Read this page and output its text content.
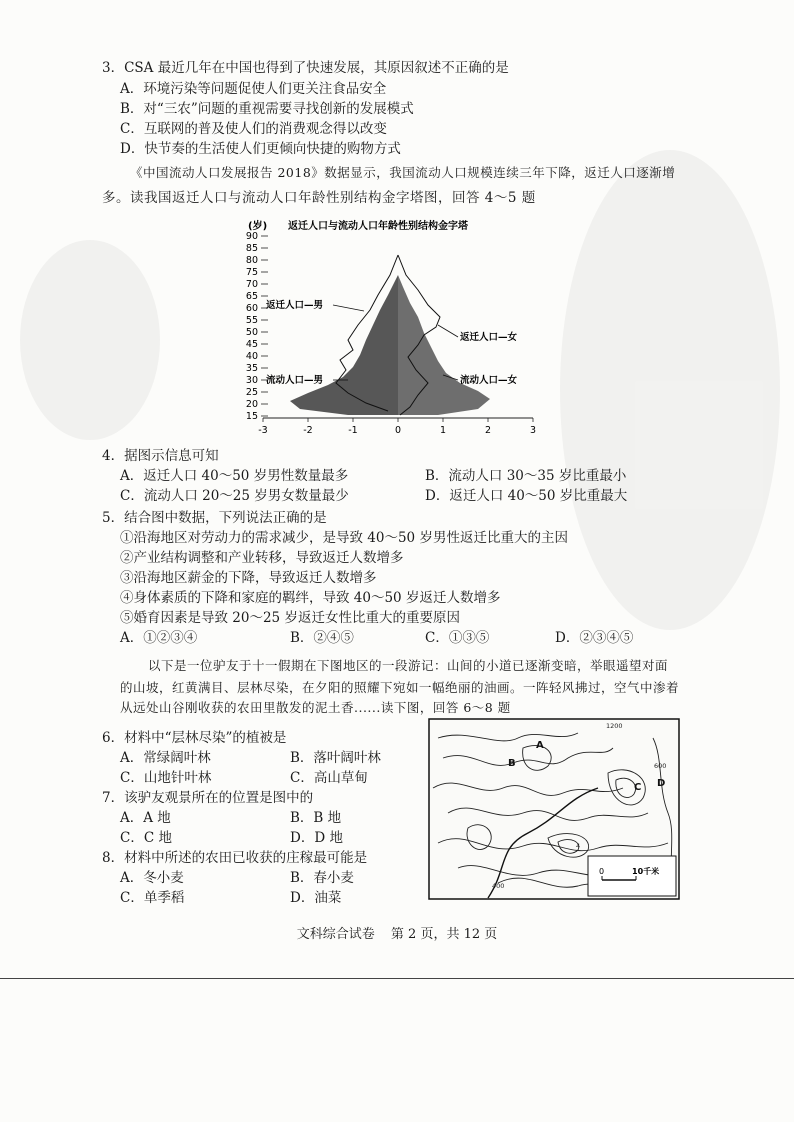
3．CSA 最近几年在中国也得到了快速发展，其原因叙述不正确的是
A．环境污染等问题促使人们更关注食品安全
B．对“三农”问题的重视需要寻找创新的发展模式
C．互联网的普及使人们的消费观念得以改变
D．快节奏的生活使人们更倾向快捷的购物方式
《中国流动人口发展报告 2018》数据显示，我国流动人口规模连续三年下降，返迁人口逐渐增
多。读我国返迁人口与流动人口年龄性别结构金字塔图，回答 4～5 题
(岁) 返迁人口与流动人口年龄性别结构金字塔
90
85
80
75
70
65
60
55
50
45
40
35
30
25
20
15
返迁人口—男
返迁人口—女
流动人口—男	流动人口—女
-3	-2	-1	0	1	2	3
4．据图示信息可知
A．返迁人口 40～50 岁男性数量最多	B．流动人口 30～35 岁比重最小
C．流动人口 20～25 岁男女数量最少	D．返迁人口 40～50 岁比重最大
5．结合图中数据，下列说法正确的是
①沿海地区对劳动力的需求减少，是导致 40～50 岁男性返迁比重大的主因
②产业结构调整和产业转移，导致返迁人数增多
③沿海地区薪金的下降，导致返迁人数增多
④身体素质的下降和家庭的羁绊，导致 40～50 岁返迁人数增多
⑤婚育因素是导致 20～25 岁返迁女性比重大的重要原因
A．①②③④	B．②④⑤	C．①③⑤	D．②③④⑤
以下是一位驴友于十一假期在下图地区的一段游记：山间的小道已逐渐变暗，举眼遥望对面
的山坡，红黄满目、层林尽染，在夕阳的照耀下宛如一幅绝丽的油画。一阵轻风拂过，空气中渗着
从远处山谷刚收获的农田里散发的泥土香......读下图，回答 6～8 题
6．材料中“层林尽染”的植被是
A．常绿阔叶林	B．落叶阔叶林
C．山地针叶林	C．高山草甸
7．该驴友观景所在的位置是图中的
A．A 地	B．B 地
C．C 地	D．D 地
8．材料中所述的农田已收获的庄稼最可能是
A．冬小麦	B．春小麦
C．单季稻	D．油菜
A
B
C D
1200
600
400
4
0	10千米
文科综合试卷 第 2 页，共 12 页
